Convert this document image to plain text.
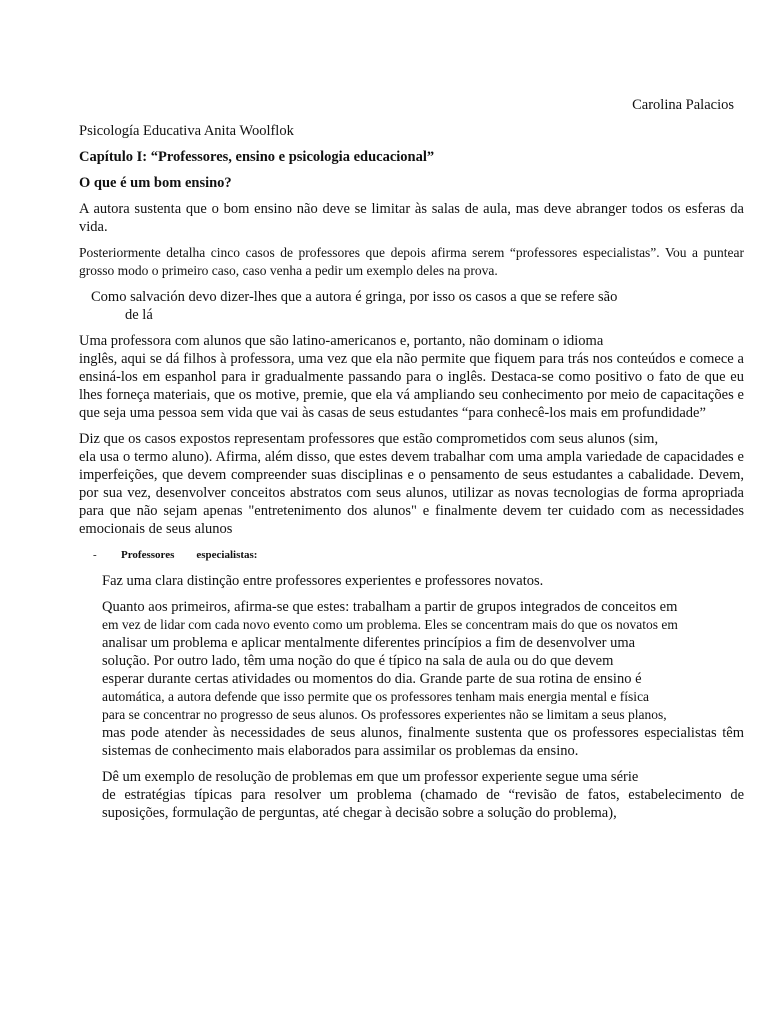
Carolina Palacios

Psicología Educativa Anita Woolflok

Capítulo I: “Professores, ensino e psicologia educacional”

O que é um bom ensino?

A autora sustenta que o bom ensino não deve se limitar às salas de aula, mas deve abranger todos os esferas da vida.

Posteriormente detalha cinco casos de professores que depois afirma serem “professores especialistas”. Vou a puntear grosso modo o primeiro caso, caso venha a pedir um exemplo deles na prova.

Como salvación devo dizer-lhes que a autora é gringa, por isso os casos a que se refere são
de lá

Uma professora com alunos que são latino-americanos e, portanto, não dominam o idioma
inglês, aqui se dá filhos à professora, uma vez que ela não permite que fiquem para trás nos conteúdos e comece a ensiná-los em espanhol para ir gradualmente passando para o inglês. Destaca-se como positivo o fato de que eu lhes forneça materiais, que os motive, premie, que ela vá ampliando seu conhecimento por meio de capacitações e que seja uma pessoa sem vida que vai às casas de seus estudantes “para conhecê-los mais em profundidade”

Diz que os casos expostos representam professores que estão comprometidos com seus alunos (sim,
ela usa o termo aluno). Afirma, além disso, que estes devem trabalhar com uma ampla variedade de capacidades e imperfeições, que devem compreender suas disciplinas e o pensamento de seus estudantes a cabalidade. Devem, por sua vez, desenvolver conceitos abstratos com seus alunos, utilizar as novas tecnologias de forma apropriada para que não sejam apenas "entretenimento dos alunos" e finalmente devem ter cuidado com as necessidades emocionais de seus alunos

- Professores especialistas:

Faz uma clara distinção entre professores experientes e professores novatos.

Quanto aos primeiros, afirma-se que estes: trabalham a partir de grupos integrados de conceitos em
em vez de lidar com cada novo evento como um problema. Eles se concentram mais do que os novatos em
analisar um problema e aplicar mentalmente diferentes princípios a fim de desenvolver uma
solução. Por outro lado, têm uma noção do que é típico na sala de aula ou do que devem
esperar durante certas atividades ou momentos do dia. Grande parte de sua rotina de ensino é
automática, a autora defende que isso permite que os professores tenham mais energia mental e física
para se concentrar no progresso de seus alunos. Os professores experientes não se limitam a seus planos,
mas pode atender às necessidades de seus alunos, finalmente sustenta que os professores especialistas têm sistemas de conhecimento mais elaborados para assimilar os problemas da ensino.

Dê um exemplo de resolução de problemas em que um professor experiente segue uma série
de estratégias típicas para resolver um problema (chamado de “revisão de fatos, estabelecimento de suposições, formulação de perguntas, até chegar à decisão sobre a solução do problema),
